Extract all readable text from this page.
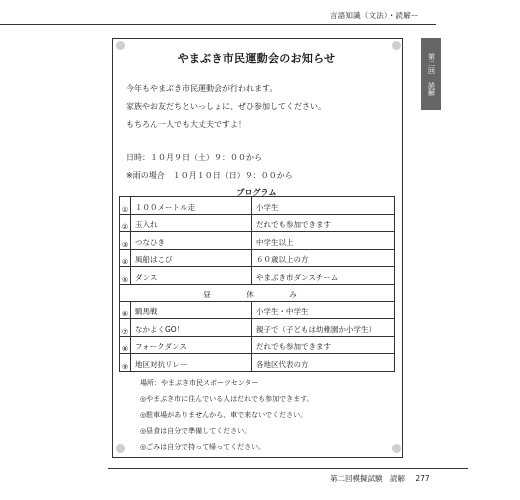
言語知識（文法）・読解ー
第二回
読解
やまぶき市民運動会のお知らせ
今年もやまぶき市民運動会が行われます。
家族やお友だちといっしょに、ぜひ参加してください。
もちろん一人でも大丈夫ですよ！
日時：１０月９日（土）９：００から
※雨の場合　１０月１０日（日）９：００から
プログラム
①	１００メートル走	小学生
②	玉入れ	だれでも参加できます
③	つなひき	中学生以上
④	風船はこび	６０歳以上の方
⑤	ダンス	やまぶき市ダンスチーム
昼　休　み		
⑥	騎馬戦	小学生・中学生
⑦	なかよくGO！	親子で（子どもは幼稚園か小学生）
⑧	フォークダンス	だれでも参加できます
⑨	地区対抗リレー	各地区代表の方
場所：やまぶき市民スポーツセンター
◎やまぶき市に住んでいる人はだれでも参加できます。
◎駐車場がありませんから、車で来ないでください。
◎昼食は自分で準備してください。
◎ごみは自分で持って帰ってください。
第二回模擬試験　読解 277
